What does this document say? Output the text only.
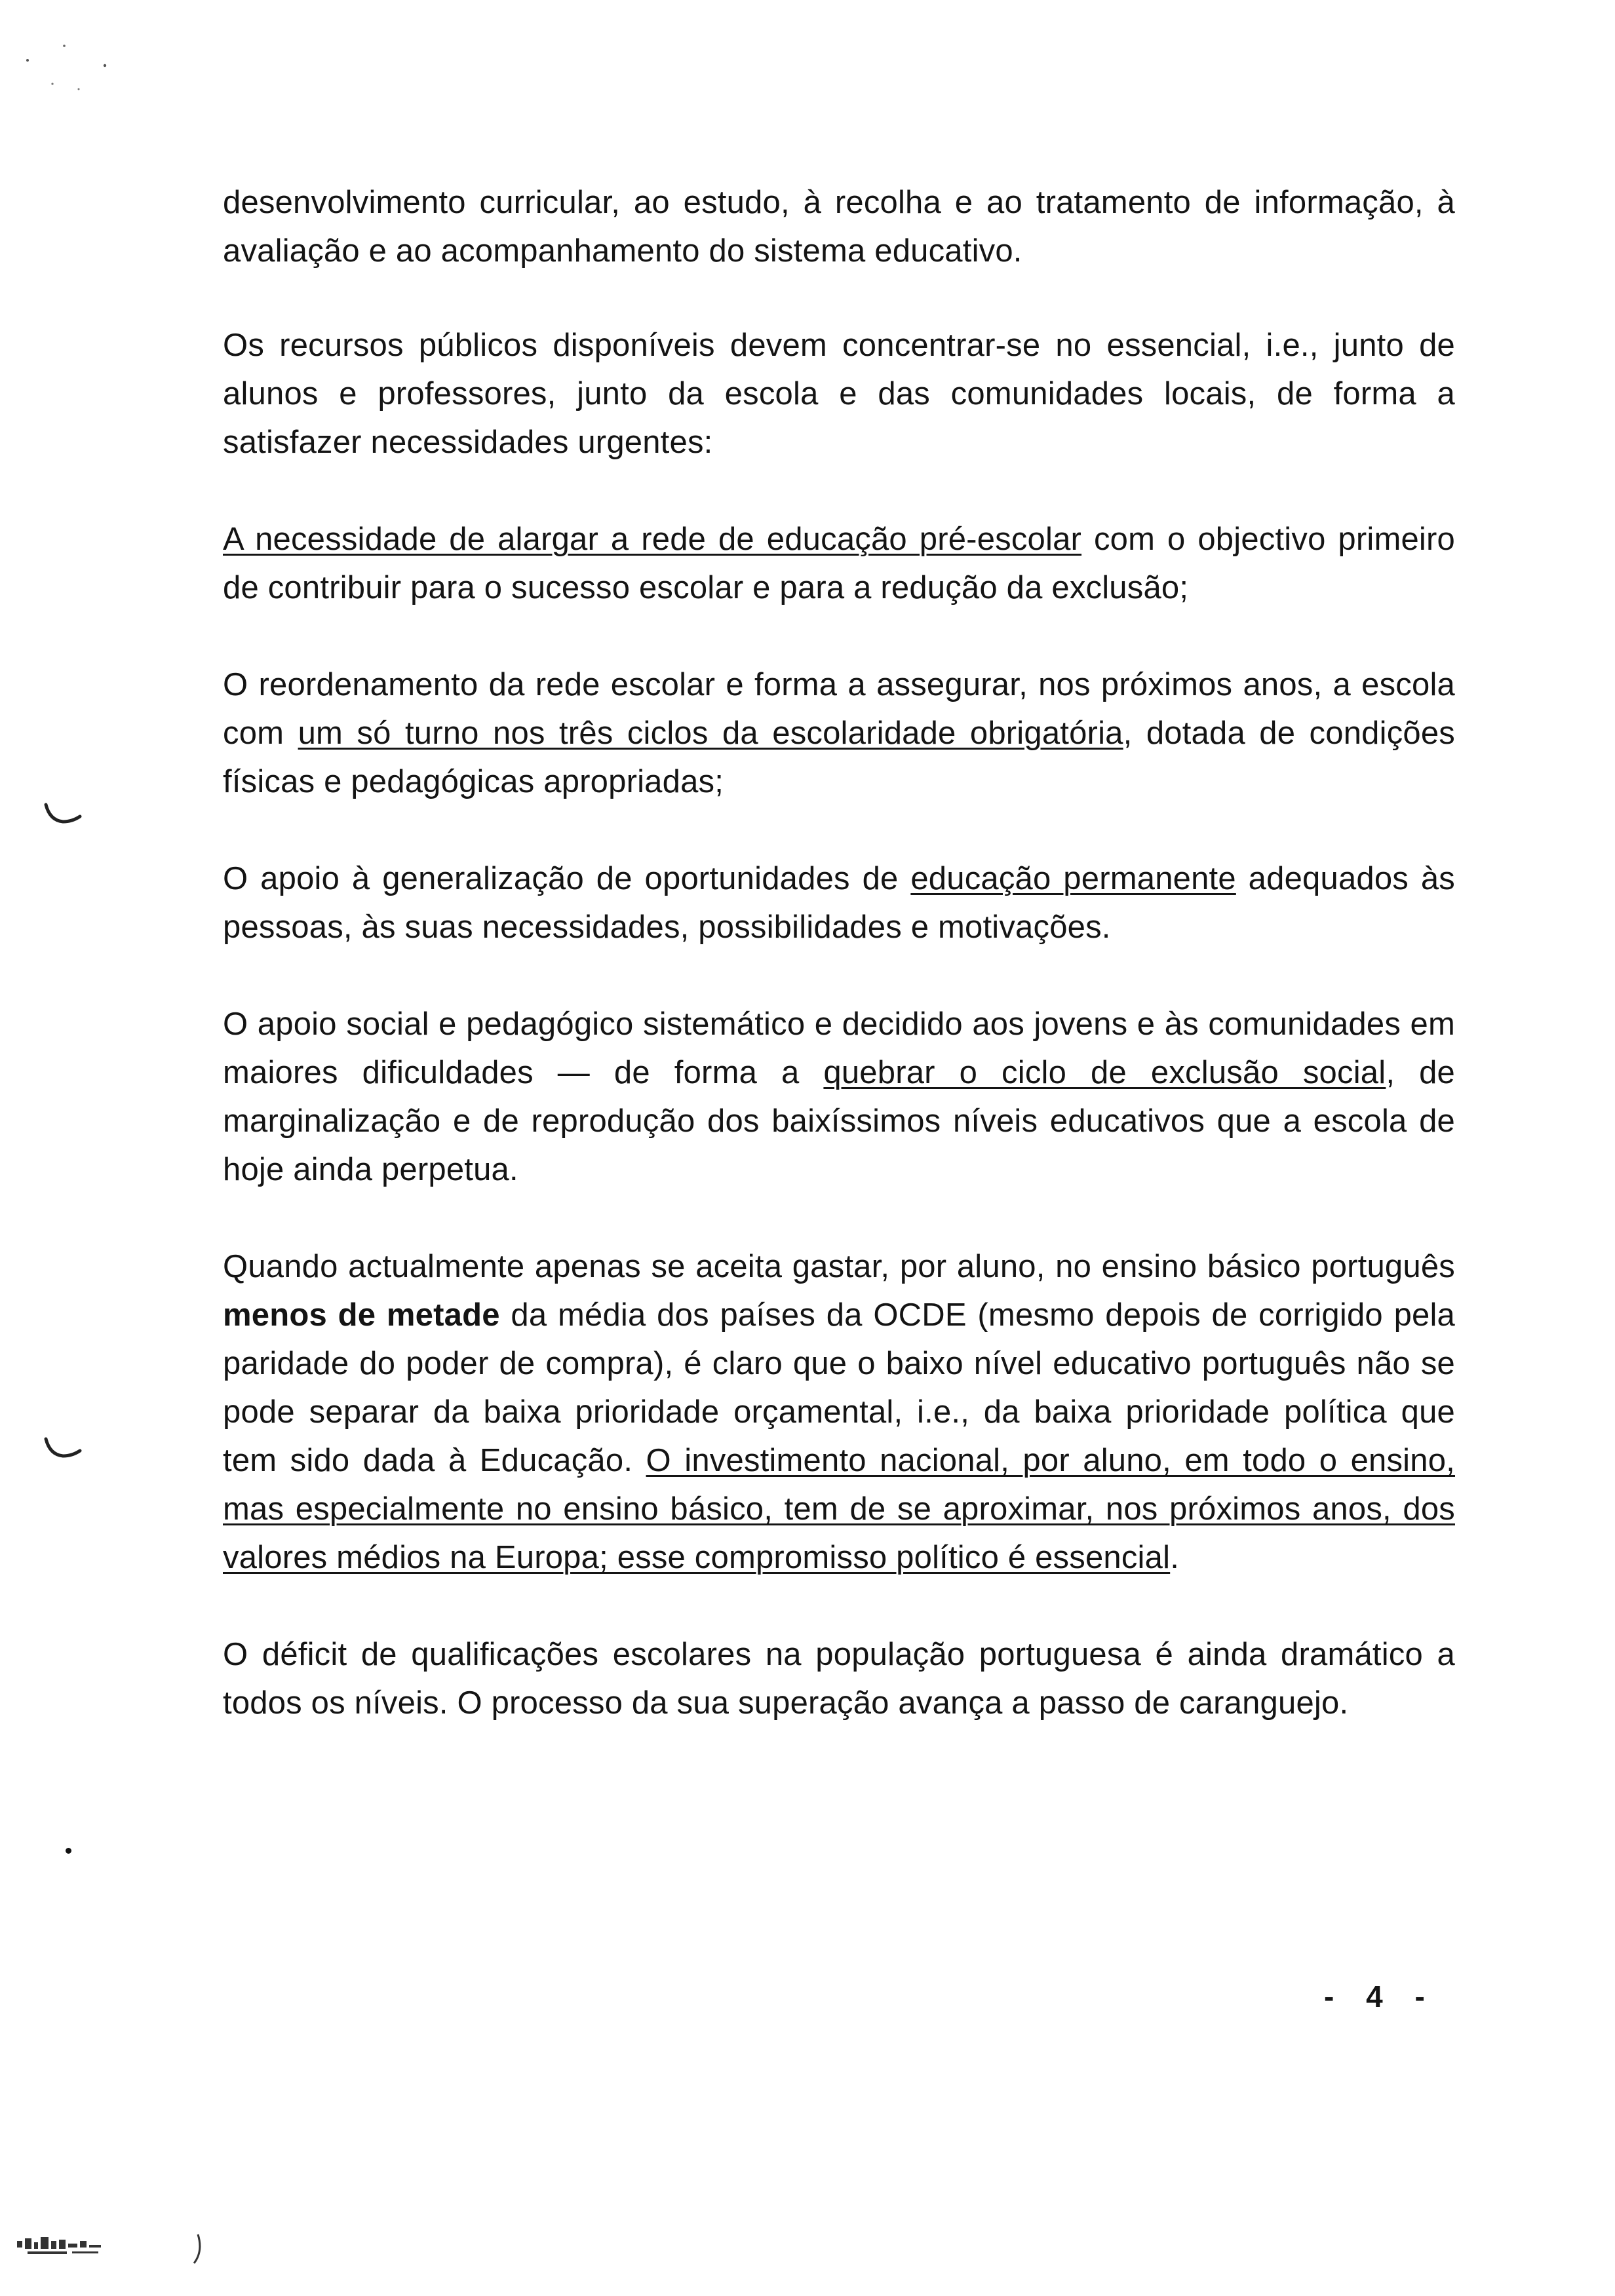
desenvolvimento curricular, ao estudo, à recolha e ao tratamento de informação, à avaliação e ao acompanhamento do sistema educativo.

Os recursos públicos disponíveis devem concentrar-se no essencial, i.e., junto de alunos e professores, junto da escola e das comunidades locais, de forma a satisfazer necessidades urgentes:

A necessidade de alargar a rede de educação pré-escolar com o objectivo primeiro de contribuir para o sucesso escolar e para a redução da exclusão;

O reordenamento da rede escolar e forma a assegurar, nos próximos anos, a escola com um só turno nos três ciclos da escolaridade obrigatória, dotada de condições físicas e pedagógicas apropriadas;

O apoio à generalização de oportunidades de educação permanente adequados às pessoas, às suas necessidades, possibilidades e motivações.

O apoio social e pedagógico sistemático e decidido aos jovens e às comunidades em maiores dificuldades — de forma a quebrar o ciclo de exclusão social, de marginalização e de reprodução dos baixíssimos níveis educativos que a escola de hoje ainda perpetua.

Quando actualmente apenas se aceita gastar, por aluno, no ensino básico português menos de metade da média dos países da OCDE (mesmo depois de corrigido pela paridade do poder de compra), é claro que o baixo nível educativo português não se pode separar da baixa prioridade orçamental, i.e., da baixa prioridade política que tem sido dada à Educação. O investimento nacional, por aluno, em todo o ensino, mas especialmente no ensino básico, tem de se aproximar, nos próximos anos, dos valores médios na Europa; esse compromisso político é essencial.

O déficit de qualificações escolares na população portuguesa é ainda dramático a todos os níveis. O processo da sua superação avança a passo de caranguejo.

- 4 -
